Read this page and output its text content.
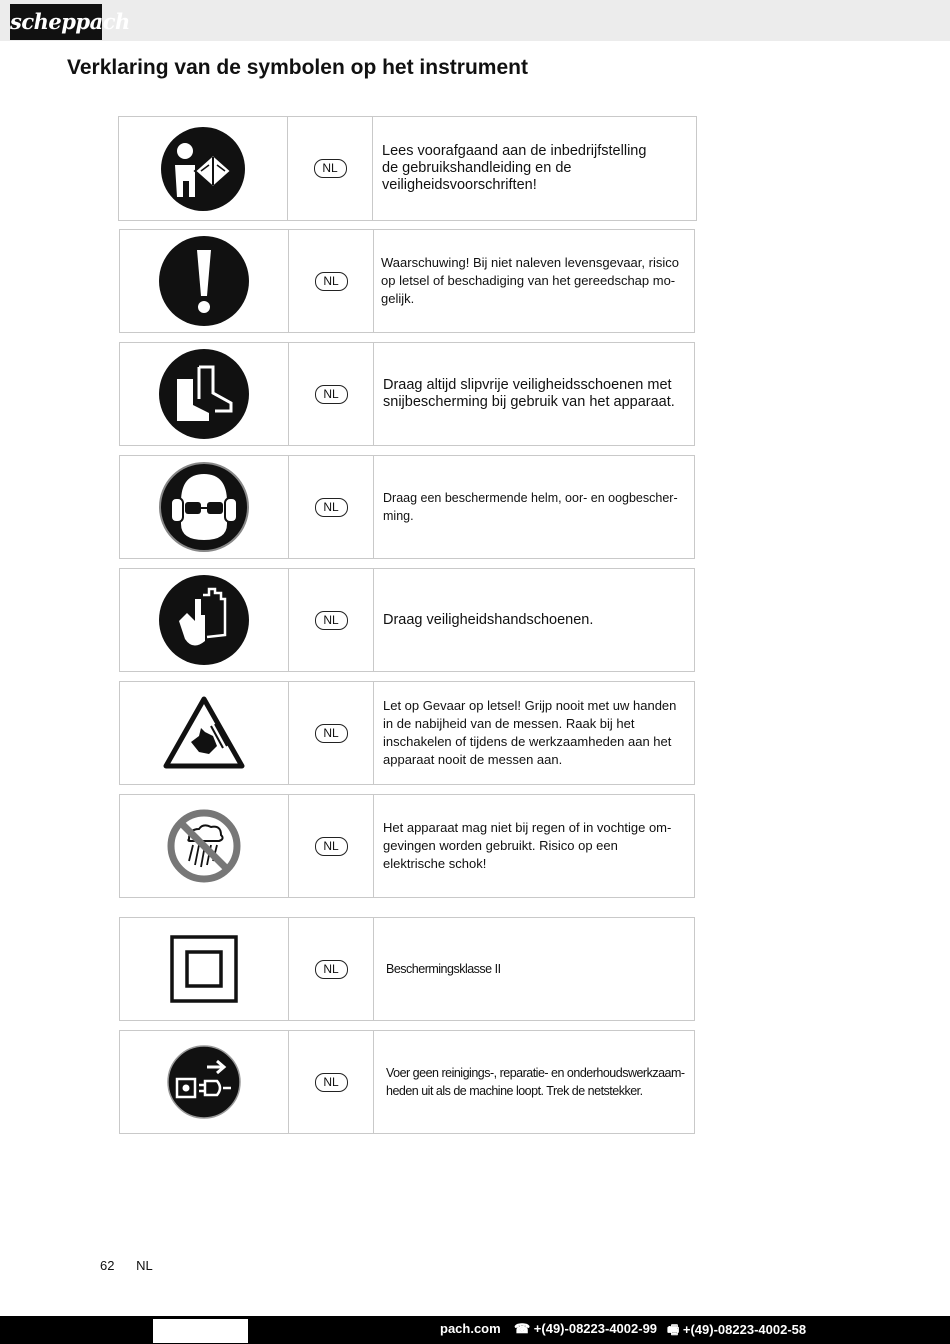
scheppach
Verklaring van de symbolen op het instrument
NL

Lees voorafgaand aan de inbedrijfstelling de gebruikshandleiding en de veiligheidsvoorschriften!

NL

Waarschuwing! Bij niet naleven levensgevaar, risico op letsel of beschadiging van het gereedschap mo- gelijk.

NL

Draag altijd slipvrije veiligheidsschoenen met snijbescherming bij gebruik van het apparaat.

NL

Draag een beschermende helm, oor- en oogbescher- ming.

NL	Draag veiligheidshandschoenen.

NL

Let op Gevaar op letsel! Grijp nooit met uw handen in de nabijheid van de messen. Raak bij het inschakelen of tijdens de werkzaamheden aan het apparaat nooit de messen aan.

NL

Het apparaat mag niet bij regen of in vochtige om- gevingen worden gebruikt. Risico op een elektrische schok!

NL	Beschermingsklasse II

NL

Voer geen reinigings-, reparatie- en onderhoudswerkzaam- heden uit als de machine loopt. Trek de netstekker.

62 NL
pach.com ☎ +(49)-08223-4002-99 🖷 +(49)-08223-4002-58
